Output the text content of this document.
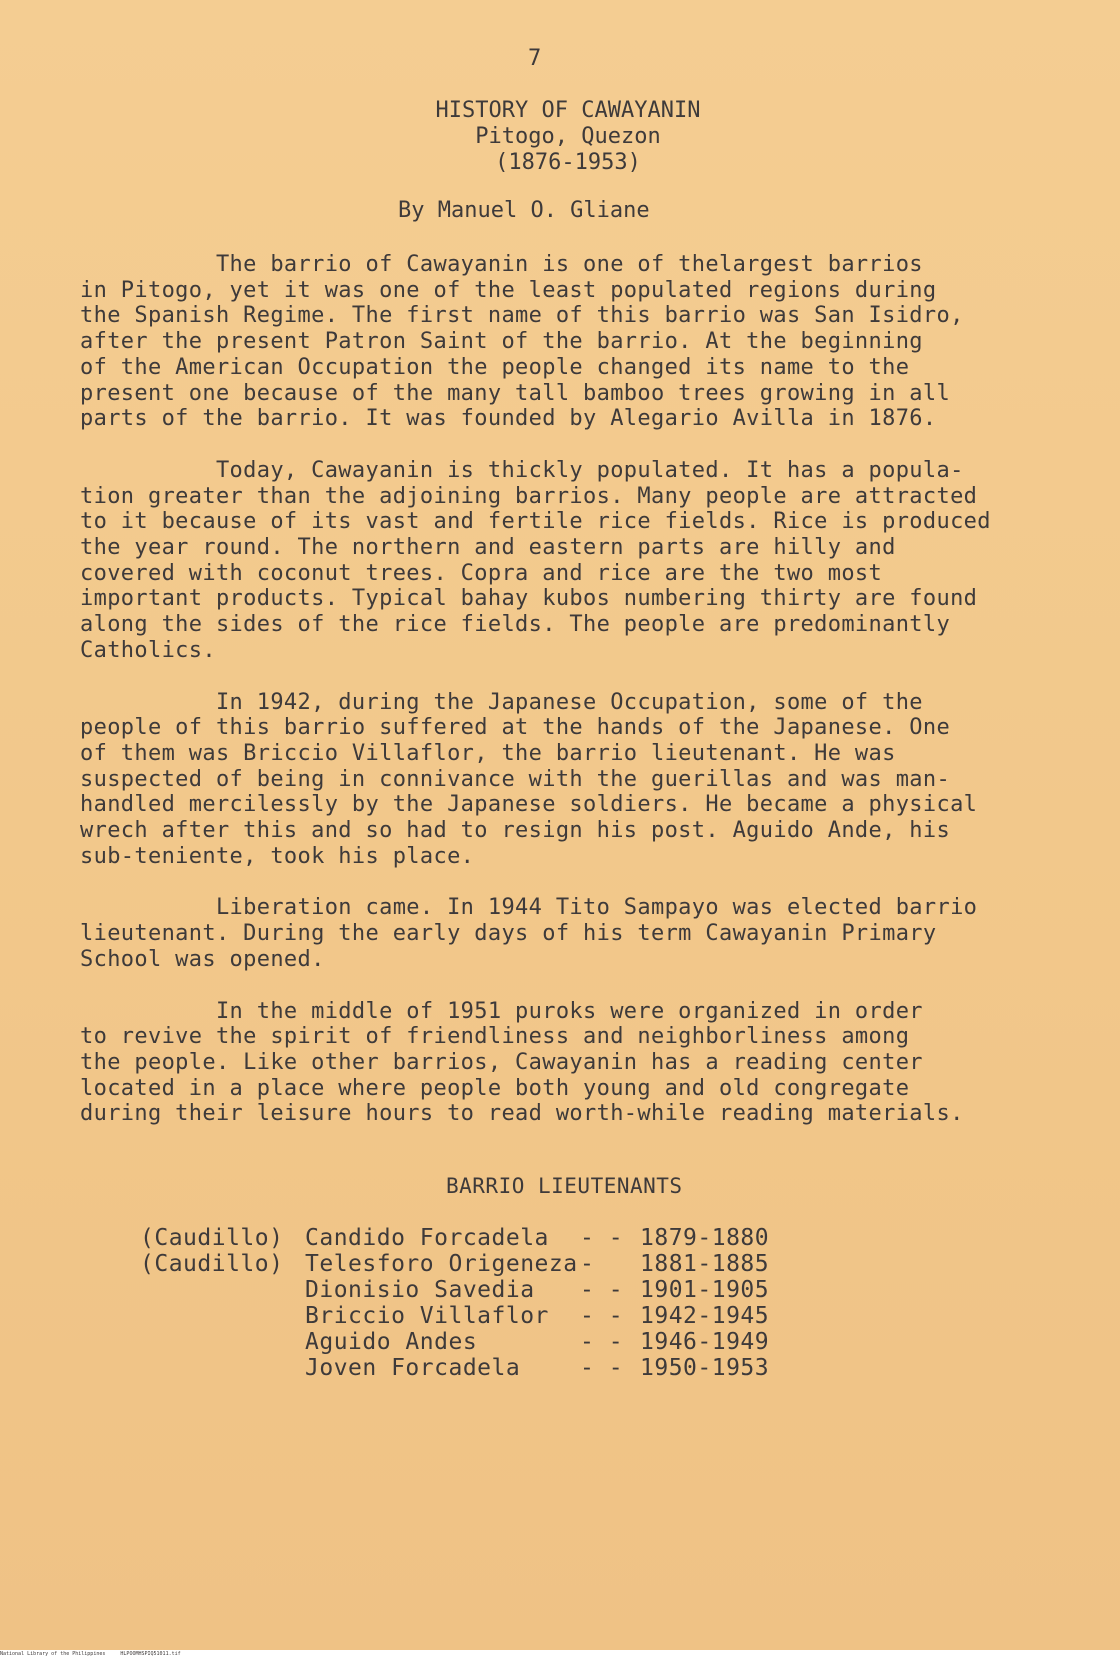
7
HISTORY OF CAWAYANIN
Pitogo, Quezon
(1876-1953)
By Manuel O. Gliane
The barrio of Cawayanin is one of thelargest barrios
in Pitogo, yet it was one of the least populated regions during
the Spanish Regime. The first name of this barrio was San Isidro,
after the present Patron Saint of the barrio. At the beginning
of the American Occupation the people changed its name to the
present one because of the many tall bamboo trees growing in all
parts of the barrio. It was founded by Alegario Avilla in 1876.
Today, Cawayanin is thickly populated. It has a popula-
tion greater than the adjoining barrios. Many people are attracted
to it because of its vast and fertile rice fields. Rice is produced
the year round. The northern and eastern parts are hilly and
covered with coconut trees. Copra and rice are the two most
important products. Typical bahay kubos numbering thirty are found
along the sides of the rice fields. The people are predominantly
Catholics.
In 1942, during the Japanese Occupation, some of the
people of this barrio suffered at the hands of the Japanese. One
of them was Briccio Villaflor, the barrio lieutenant. He was
suspected of being in connivance with the guerillas and was man-
handled mercilessly by the Japanese soldiers. He became a physical
wrech after this and so had to resign his post. Aguido Ande, his
sub-teniente, took his place.
Liberation came. In 1944 Tito Sampayo was elected barrio
lieutenant. During the early days of his term Cawayanin Primary
School was opened.
In the middle of 1951 puroks were organized in order
to revive the spirit of friendliness and neighborliness among
the people. Like other barrios, Cawayanin has a reading center
located in a place where people both young and old congregate
during their leisure hours to read worth-while reading materials.
BARRIO LIEUTENANTS
(Caudillo) Candido Forcadela	- - 1879-1880
(Caudillo) Telesforo Origeneza -	1881-1885
Dionisio Savedia	- - 1901-1905
Briccio Villaflor	- - 1942-1945
Aguido Andes	- - 1946-1949
Joven Forcadela	- - 1950-1953
National Library of the Philippines     HLPOOMHSPIQ51011.tif
